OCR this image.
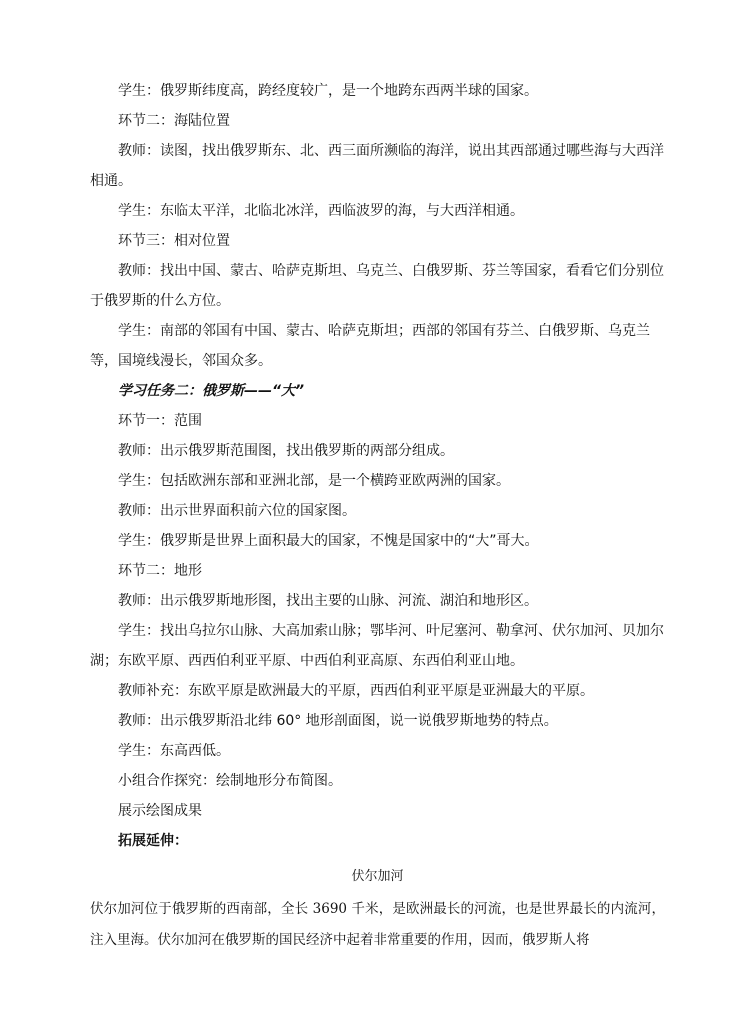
学生：俄罗斯纬度高，跨经度较广，是一个地跨东西两半球的国家。

环节二：海陆位置

教师：读图，找出俄罗斯东、北、西三面所濒临的海洋，说出其西部通过哪些海与大西洋相通。

学生：东临太平洋，北临北冰洋，西临波罗的海，与大西洋相通。

环节三：相对位置

教师：找出中国、蒙古、哈萨克斯坦、乌克兰、白俄罗斯、芬兰等国家，看看它们分别位于俄罗斯的什么方位。

学生：南部的邻国有中国、蒙古、哈萨克斯坦；西部的邻国有芬兰、白俄罗斯、乌克兰等，国境线漫长，邻国众多。

学习任务二：俄罗斯——“大”

环节一：范围

教师：出示俄罗斯范围图，找出俄罗斯的两部分组成。

学生：包括欧洲东部和亚洲北部，是一个横跨亚欧两洲的国家。

教师：出示世界面积前六位的国家图。

学生：俄罗斯是世界上面积最大的国家，不愧是国家中的“大”哥大。

环节二：地形

教师：出示俄罗斯地形图，找出主要的山脉、河流、湖泊和地形区。

学生：找出乌拉尔山脉、大高加索山脉；鄂毕河、叶尼塞河、勒拿河、伏尔加河、贝加尔湖；东欧平原、西西伯利亚平原、中西伯利亚高原、东西伯利亚山地。

教师补充：东欧平原是欧洲最大的平原，西西伯利亚平原是亚洲最大的平原。

教师：出示俄罗斯沿北纬 60° 地形剖面图，说一说俄罗斯地势的特点。

学生：东高西低。

小组合作探究：绘制地形分布简图。

展示绘图成果

拓展延伸：

伏尔加河

伏尔加河位于俄罗斯的西南部，全长 3690 千米，是欧洲最长的河流，也是世界最长的内流河，注入里海。伏尔加河在俄罗斯的国民经济中起着非常重要的作用，因而，俄罗斯人将
